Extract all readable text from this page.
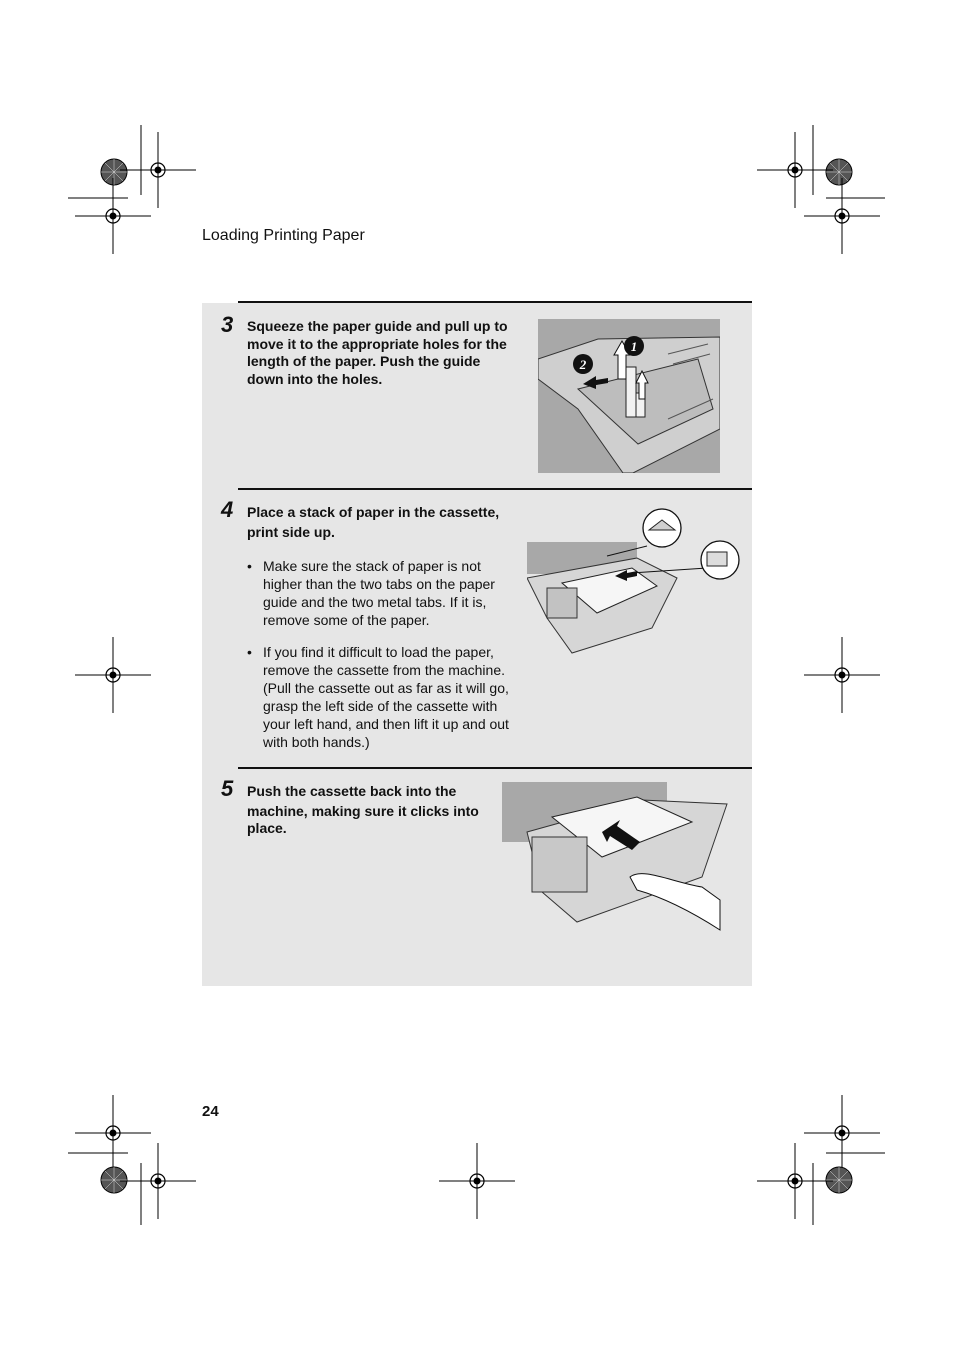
Loading Printing Paper
3 Squeeze the paper guide and pull up to
move it to the appropriate holes for the
length of the paper. Push the guide
down into the holes.
1
2
4 Place a stack of paper in the cassette,
print side up.
• Make sure the stack of paper is not
higher than the two tabs on the paper
guide and the two metal tabs. If it is,
remove some of the paper.
• If you find it difficult to load the paper,
remove the cassette from the machine.
(Pull the cassette out as far as it will go,
grasp the left side of the cassette with
your left hand, and then lift it up and out
with both hands.)
5 Push the cassette back into the
machine, making sure it clicks into
place.
24
